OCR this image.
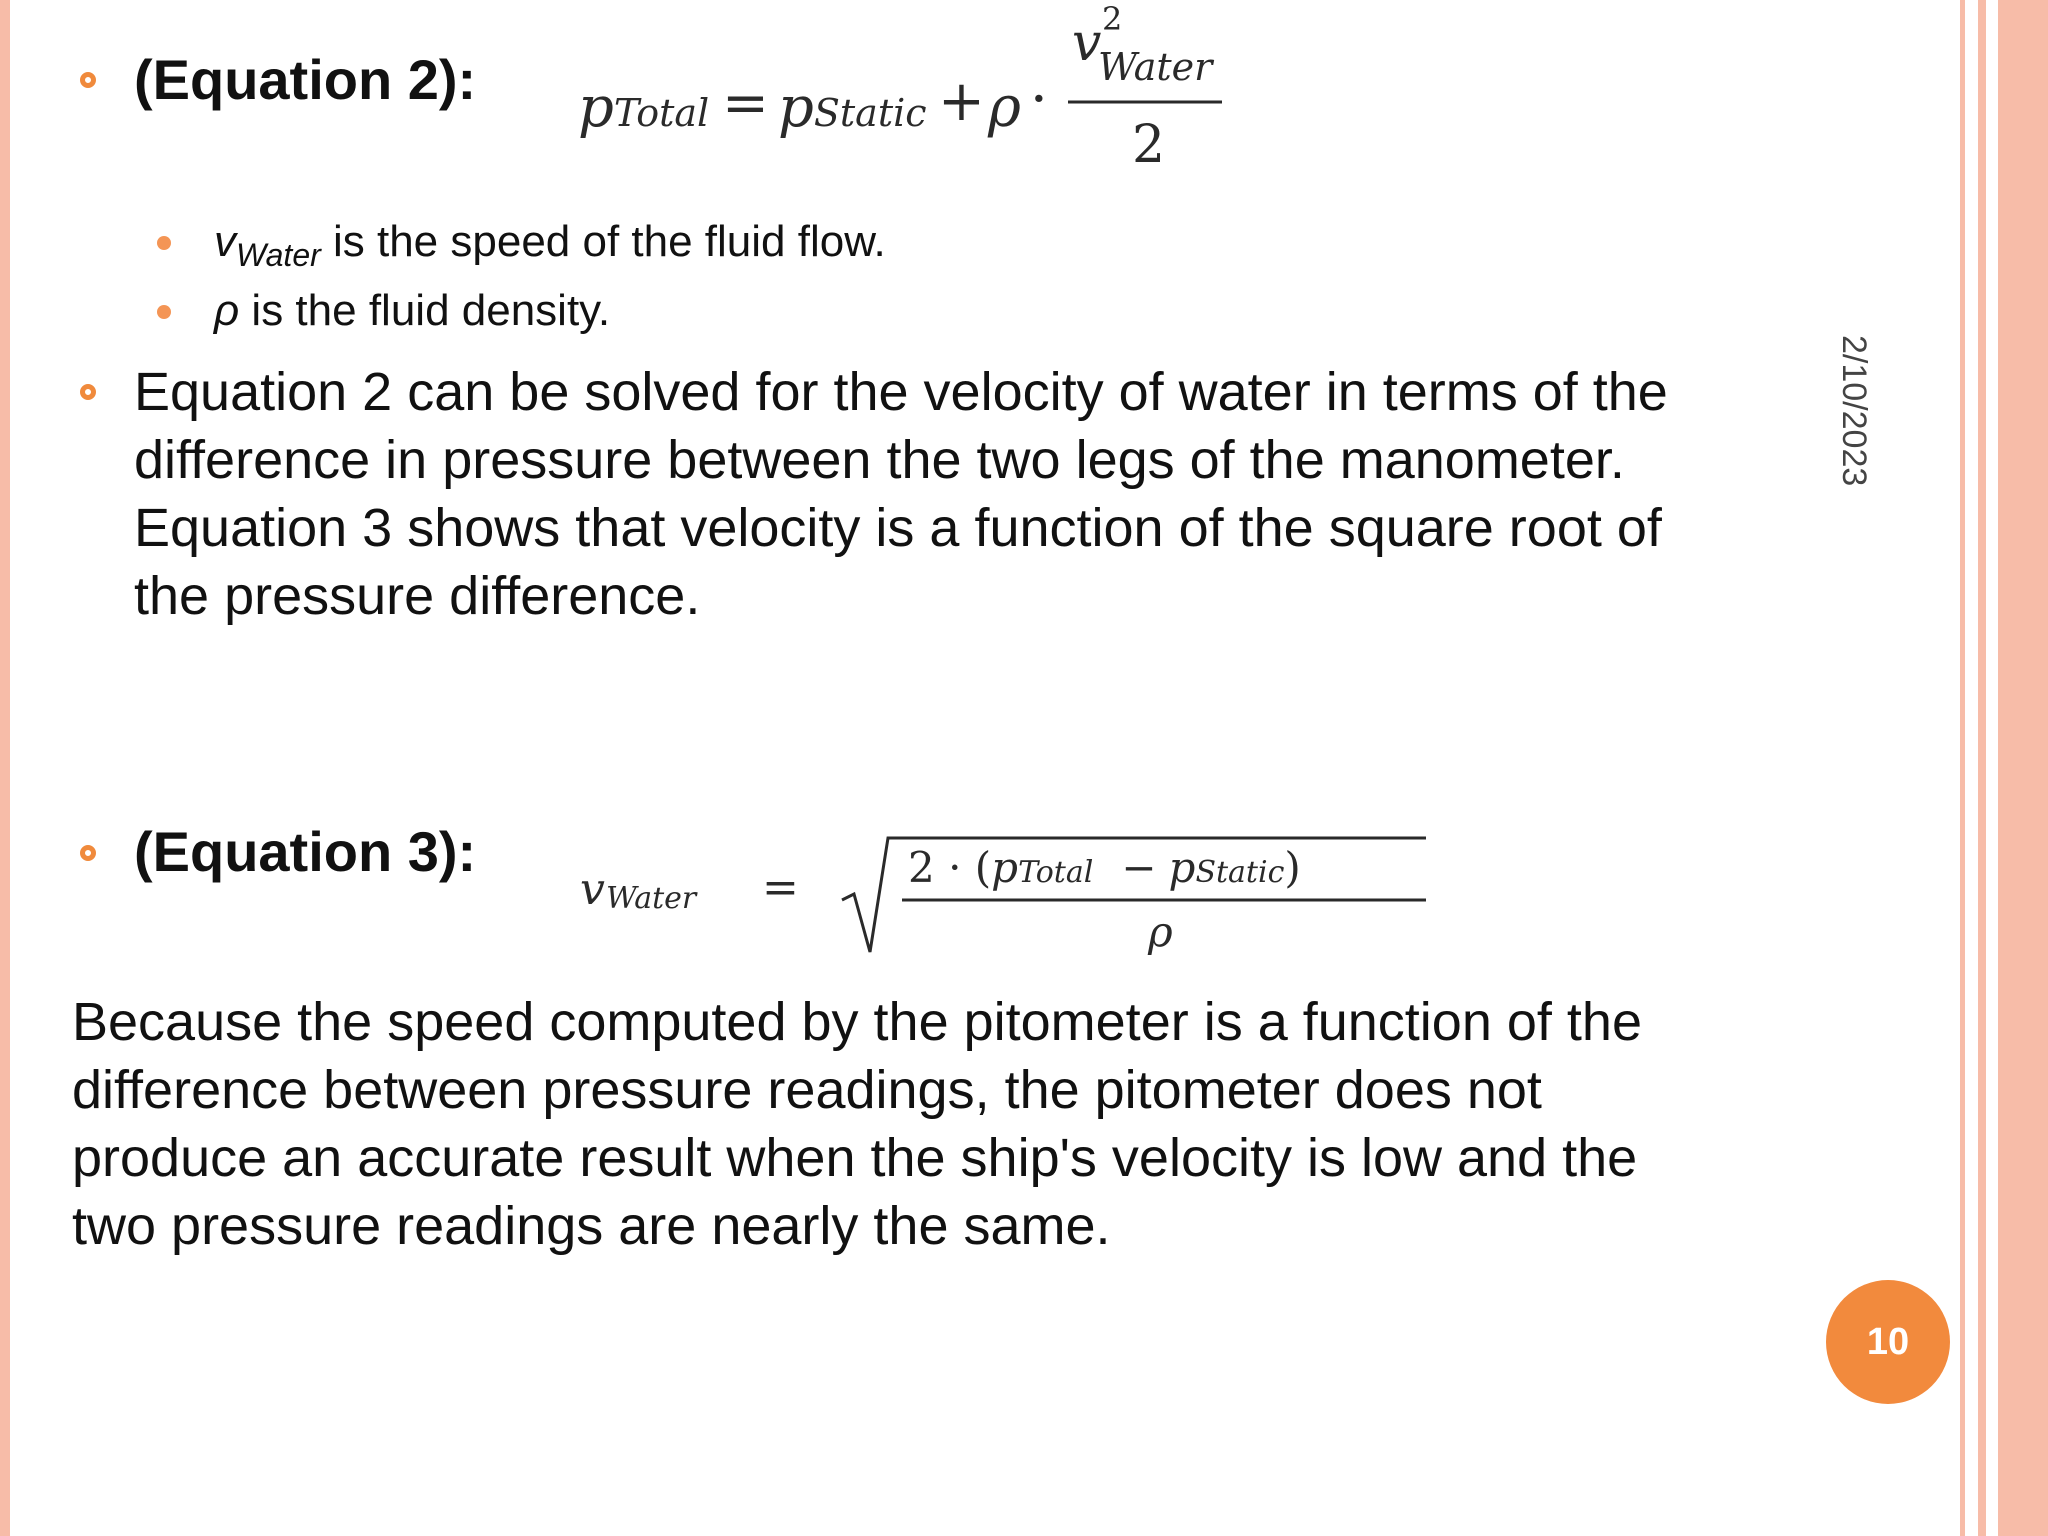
(Equation 2): pTotal = pStatic + ρ ·
v 2
Water
2
$v_{Water}$ is the speed of the fluid flow.
ρ is the fluid density.
Equation 2 can be solved for the velocity of water in terms of the
difference in pressure between the two legs of the manometer.
Equation 3 shows that velocity is a function of the square root of
the pressure difference.
(Equation 3):
v Water =	2 · (pTotal − pStatic)
ρ
Because the speed computed by the pitometer is a function of the
difference between pressure readings, the pitometer does not
produce an accurate result when the ship's velocity is low and the
two pressure readings are nearly the same.
2/10/2023
10
